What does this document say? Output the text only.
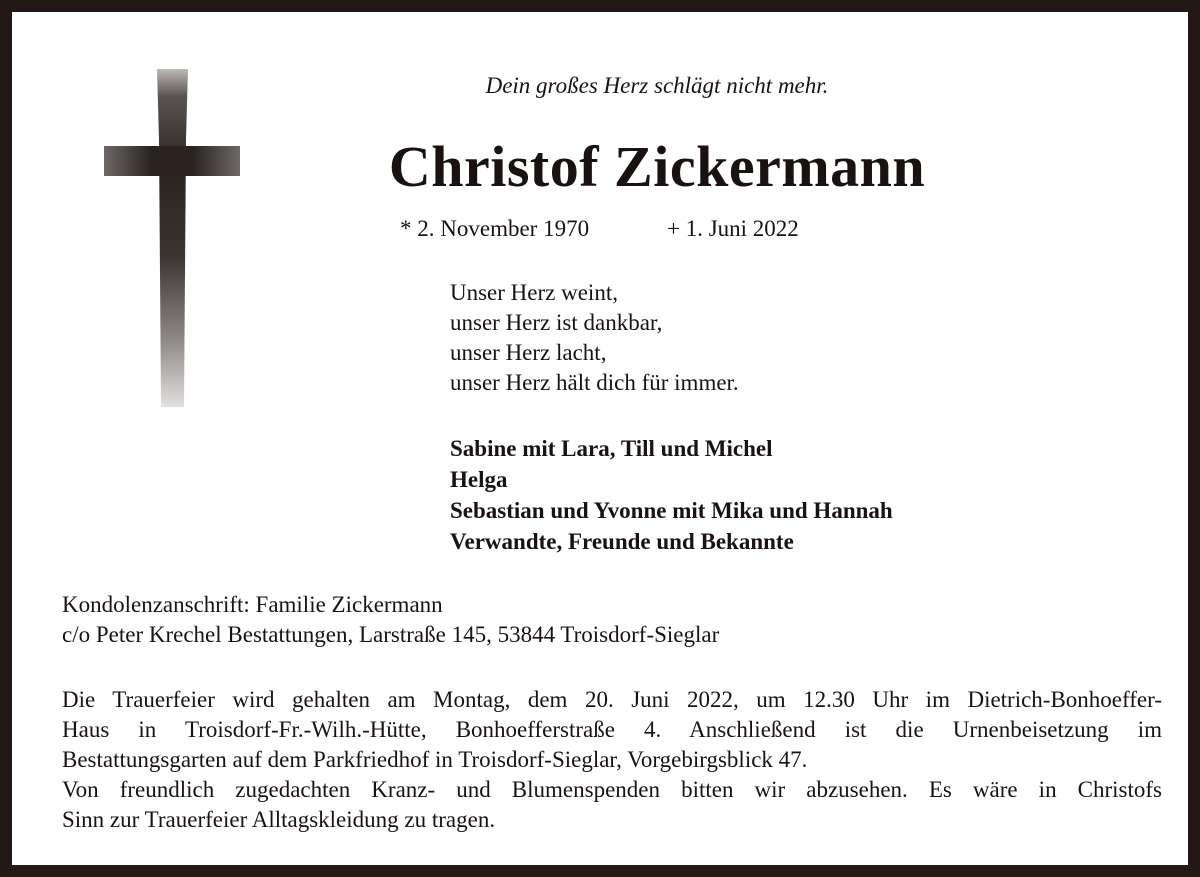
Dein großes Herz schlägt nicht mehr.
Christof Zickermann
* 2. November 1970	+ 1. Juni 2022
Unser Herz weint,
unser Herz ist dankbar,
unser Herz lacht,
unser Herz hält dich für immer.
Sabine mit Lara, Till und Michel
Helga
Sebastian und Yvonne mit Mika und Hannah
Verwandte, Freunde und Bekannte
Kondolenzanschrift: Familie Zickermann
c/o Peter Krechel Bestattungen, Larstraße 145, 53844 Troisdorf-Sieglar
Die Trauerfeier wird gehalten am Montag, dem 20. Juni 2022, um 12.30 Uhr im Dietrich-Bonhoeffer-
Haus in Troisdorf-Fr.-Wilh.-Hütte, Bonhoefferstraße 4. Anschließend ist die Urnenbeisetzung im
Bestattungsgarten auf dem Parkfriedhof in Troisdorf-Sieglar, Vorgebirgsblick 47.
Von freundlich zugedachten Kranz- und Blumenspenden bitten wir abzusehen. Es wäre in Christofs
Sinn zur Trauerfeier Alltagskleidung zu tragen.
